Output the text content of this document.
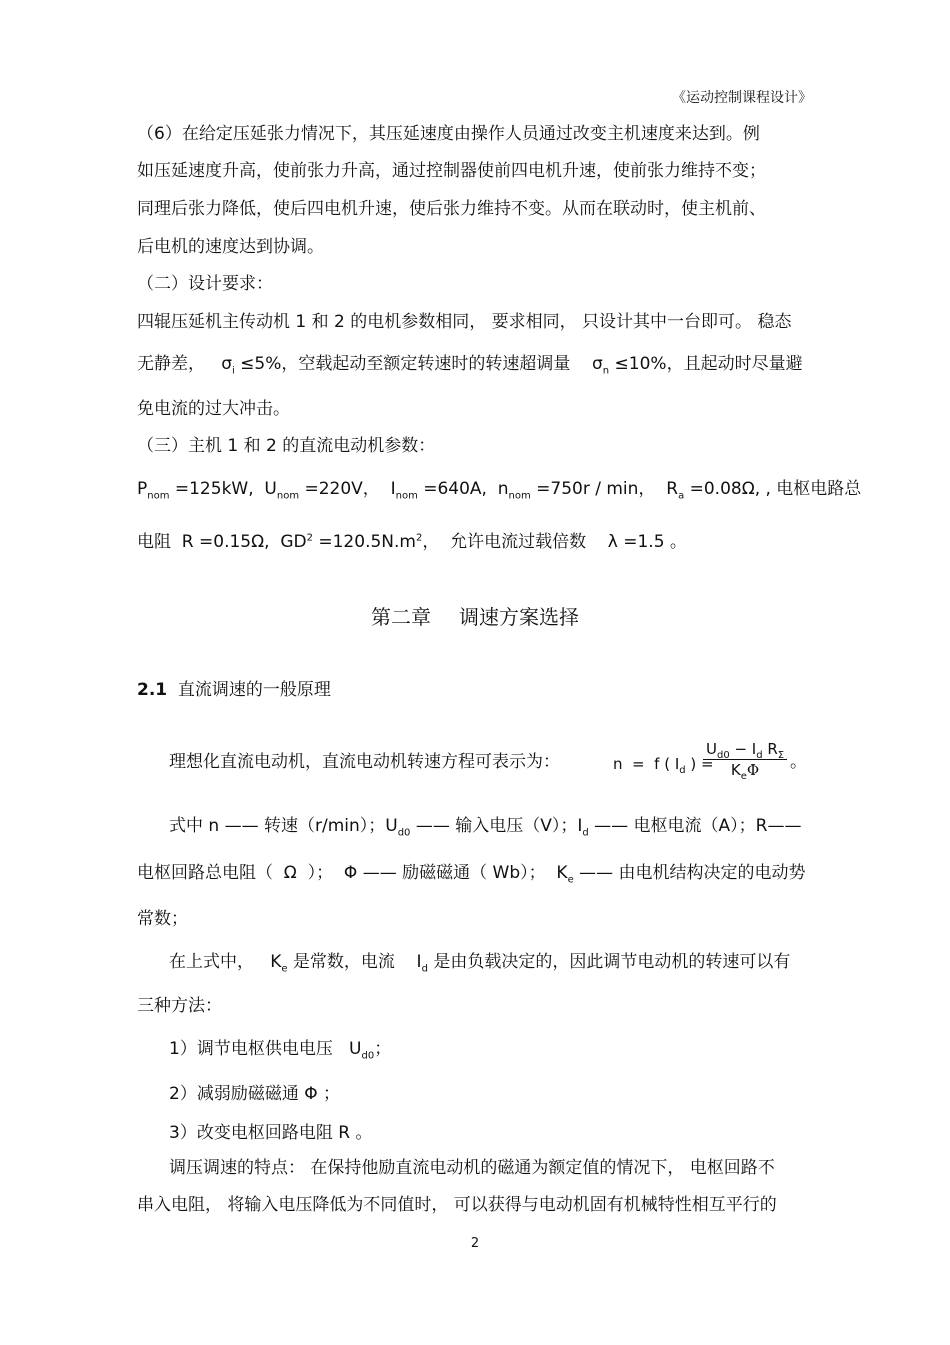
《运动控制课程设计》
（6）在给定压延张力情况下，其压延速度由操作人员通过改变主机速度来达到。例
如压延速度升高，使前张力升高，通过控制器使前四电机升速，使前张力维持不变；
同理后张力降低，使后四电机升速，使后张力维持不变。从而在联动时，使主机前、
后电机的速度达到协调。
（二）设计要求：
四辊压延机主传动机 1 和 2 的电机参数相同， 要求相同， 只设计其中一台即可。 稳态
无静差，   $\sigma_i \le 5\%$，空载起动至额定转速时的转速超调量    $\sigma_n \le 10\%$，且起动时尽量避
免电流的过大冲击。
（三）主机 1 和 2 的直流电动机参数：
$P_{nom} =125kW$,  $U_{nom} =220V$，  $I_{nom} =640A$,  $n_{nom} =750r / \min$，  $R_a =0.08\Omega$, , 电枢电路总
电阻  R =0.15Ω,  $GD^2 =120.5N.m^2$，  允许电流过载倍数    λ =1.5 。
第二章 调速方案选择
2.1  直流调速的一般原理
理想化直流电动机，直流电动机转速方程可表示为：	n  =  f ( $I_d$ ) =
$U_{d0} - I_d$ $R_\Sigma$
$K_e\Phi$	。
式中 n —— 转速（r/min）；$U_{d0}$ —— 输入电压（V）；$I_d$ —— 电枢电流（A）；R——
电枢回路总电阻（  Ω  ）；  Φ —— 励磁磁通（ Wb）；  $K_e$ —— 由电机结构决定的电动势
常数；
在上式中，   $K_e$ 是常数，电流    $I_d$ 是由负载决定的，因此调节电动机的转速可以有
三种方法：
1）调节电枢供电电压   $U_{d0}$；
2）减弱励磁磁通 Φ ；
3）改变电枢回路电阻 R 。
调压调速的特点： 在保持他励直流电动机的磁通为额定值的情况下， 电枢回路不
串入电阻， 将输入电压降低为不同值时， 可以获得与电动机固有机械特性相互平行的
2
